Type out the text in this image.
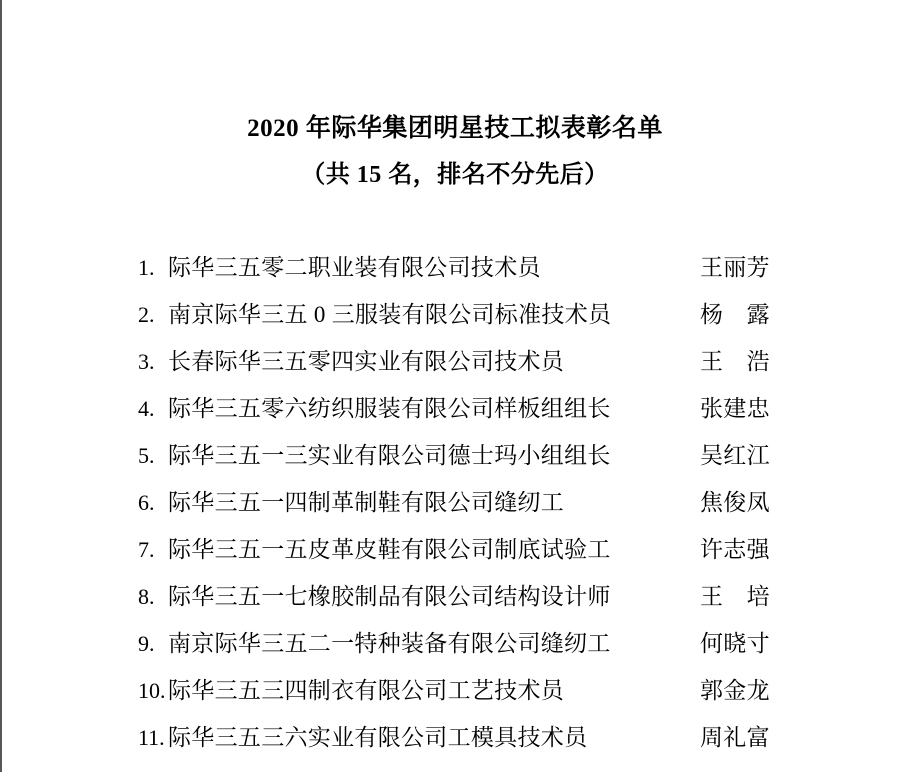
2020 年际华集团明星技工拟表彰名单
（共 15 名，排名不分先后）
1. 际华三五零二职业装有限公司技术员	王丽芳
2. 南京际华三五 0 三服装有限公司标准技术员	杨　露
3. 长春际华三五零四实业有限公司技术员	王　浩
4. 际华三五零六纺织服装有限公司样板组组长	张建忠
5. 际华三五一三实业有限公司德士玛小组组长	吴红江
6. 际华三五一四制革制鞋有限公司缝纫工	焦俊凤
7. 际华三五一五皮革皮鞋有限公司制底试验工	许志强
8. 际华三五一七橡胶制品有限公司结构设计师	王　培
9. 南京际华三五二一特种装备有限公司缝纫工	何晓寸
10. 际华三五三四制衣有限公司工艺技术员	郭金龙
11. 际华三五三六实业有限公司工模具技术员	周礼富
